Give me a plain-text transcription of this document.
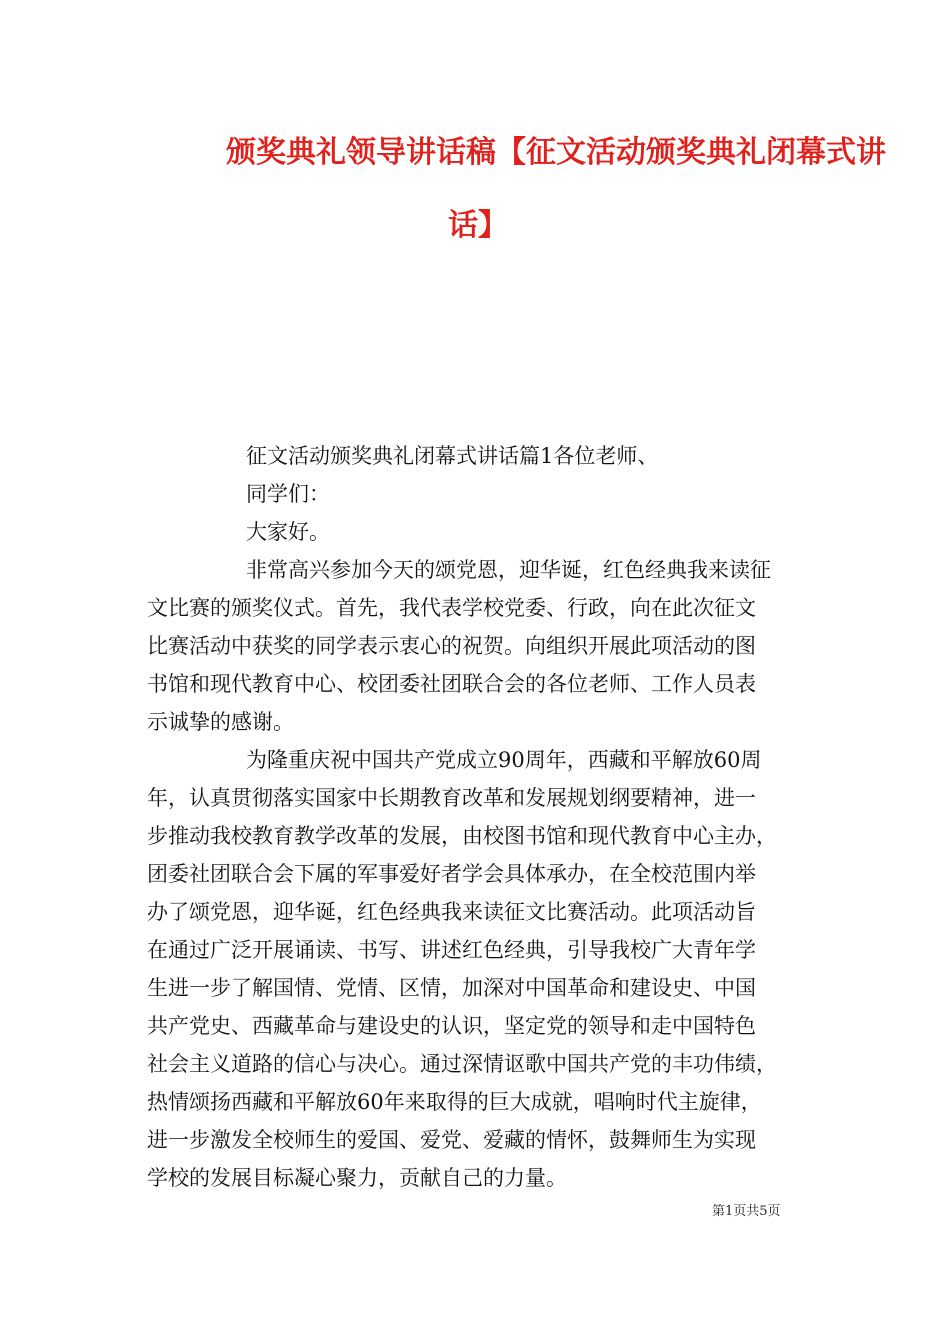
颁奖典礼领导讲话稿【征文活动颁奖典礼闭幕式讲
话】
征文活动颁奖典礼闭幕式讲话篇1各位老师、
同学们：
大家好。
非常高兴参加今天的颂党恩，迎华诞，红色经典我来读征
文比赛的颁奖仪式。首先，我代表学校党委、行政，向在此次征文
比赛活动中获奖的同学表示衷心的祝贺。向组织开展此项活动的图
书馆和现代教育中心、校团委社团联合会的各位老师、工作人员表
示诚挚的感谢。
为隆重庆祝中国共产党成立90周年，西藏和平解放60周
年，认真贯彻落实国家中长期教育改革和发展规划纲要精神，进一
步推动我校教育教学改革的发展，由校图书馆和现代教育中心主办，
团委社团联合会下属的军事爱好者学会具体承办，在全校范围内举
办了颂党恩，迎华诞，红色经典我来读征文比赛活动。此项活动旨
在通过广泛开展诵读、书写、讲述红色经典，引导我校广大青年学
生进一步了解国情、党情、区情，加深对中国革命和建设史、中国
共产党史、西藏革命与建设史的认识，坚定党的领导和走中国特色
社会主义道路的信心与决心。通过深情讴歌中国共产党的丰功伟绩，
热情颂扬西藏和平解放60年来取得的巨大成就，唱响时代主旋律，
进一步激发全校师生的爱国、爱党、爱藏的情怀，鼓舞师生为实现
学校的发展目标凝心聚力，贡献自己的力量。
第1页共5页
